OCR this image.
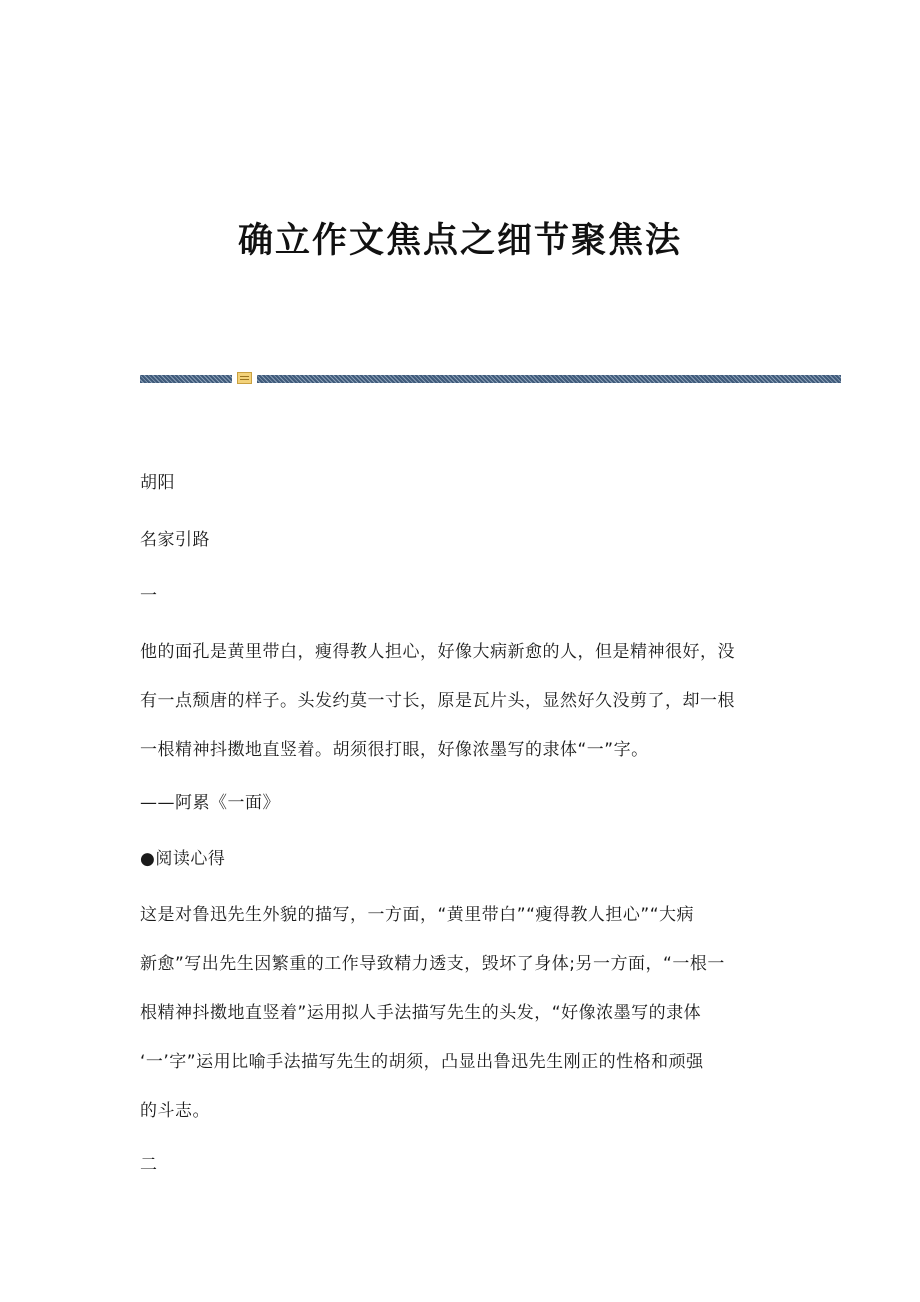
确立作文焦点之细节聚焦法
胡阳
名家引路
一
他的面孔是黄里带白，瘦得教人担心，好像大病新愈的人，但是精神很好，没
有一点颓唐的样子。头发约莫一寸长，原是瓦片头，显然好久没剪了，却一根
一根精神抖擞地直竖着。胡须很打眼，好像浓墨写的隶体“一”字。
——阿累《一面》
●阅读心得
这是对鲁迅先生外貌的描写，一方面，“黄里带白”“瘦得教人担心”“大病
新愈”写出先生因繁重的工作导致精力透支，毁坏了身体;另一方面，“一根一
根精神抖擞地直竖着”运用拟人手法描写先生的头发，“好像浓墨写的隶体
‘一’字”运用比喻手法描写先生的胡须，凸显出鲁迅先生刚正的性格和顽强
的斗志。
二
